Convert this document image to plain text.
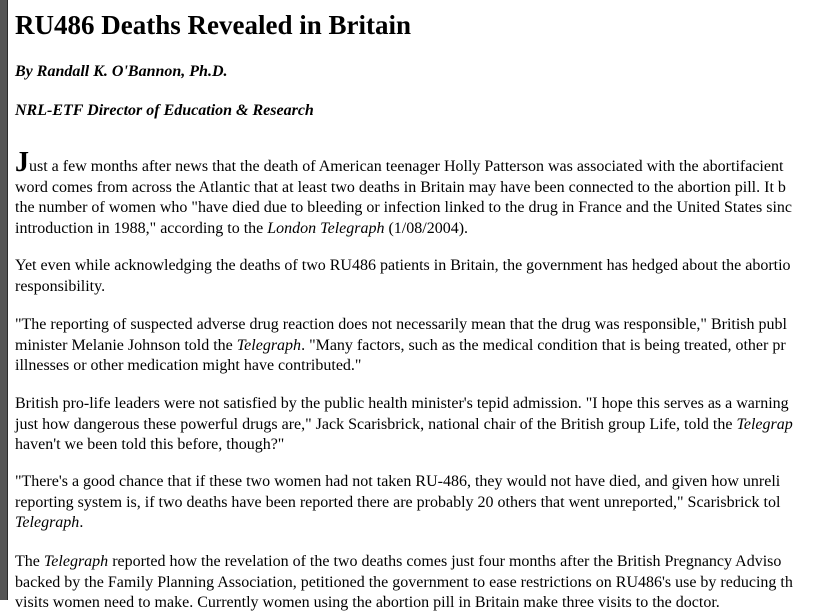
RU486 Deaths Revealed in Britain

By Randall K. O'Bannon, Ph.D.

NRL-ETF Director of Education & Research

Just a few months after news that the death of American teenager Holly Patterson was associated with the abortifacient
word comes from across the Atlantic that at least two deaths in Britain may have been connected to the abortion pill. It b
the number of women who "have died due to bleeding or infection linked to the drug in France and the United States sinc
introduction in 1988," according to the London Telegraph (1/08/2004).
Yet even while acknowledging the deaths of two RU486 patients in Britain, the government has hedged about the abortio
responsibility.
"The reporting of suspected adverse drug reaction does not necessarily mean that the drug was responsible," British publ
minister Melanie Johnson told the Telegraph. "Many factors, such as the medical condition that is being treated, other pr
illnesses or other medication might have contributed."
British pro-life leaders were not satisfied by the public health minister's tepid admission. "I hope this serves as a warning
just how dangerous these powerful drugs are," Jack Scarisbrick, national chair of the British group Life, told the Telegrap
haven't we been told this before, though?"
"There's a good chance that if these two women had not taken RU-486, they would not have died, and given how unreli
reporting system is, if two deaths have been reported there are probably 20 others that went unreported," Scarisbrick tol
Telegraph.
The Telegraph reported how the revelation of the two deaths comes just four months after the British Pregnancy Adviso
backed by the Family Planning Association, petitioned the government to ease restrictions on RU486's use by reducing th
visits women need to make. Currently women using the abortion pill in Britain make three visits to the doctor.
